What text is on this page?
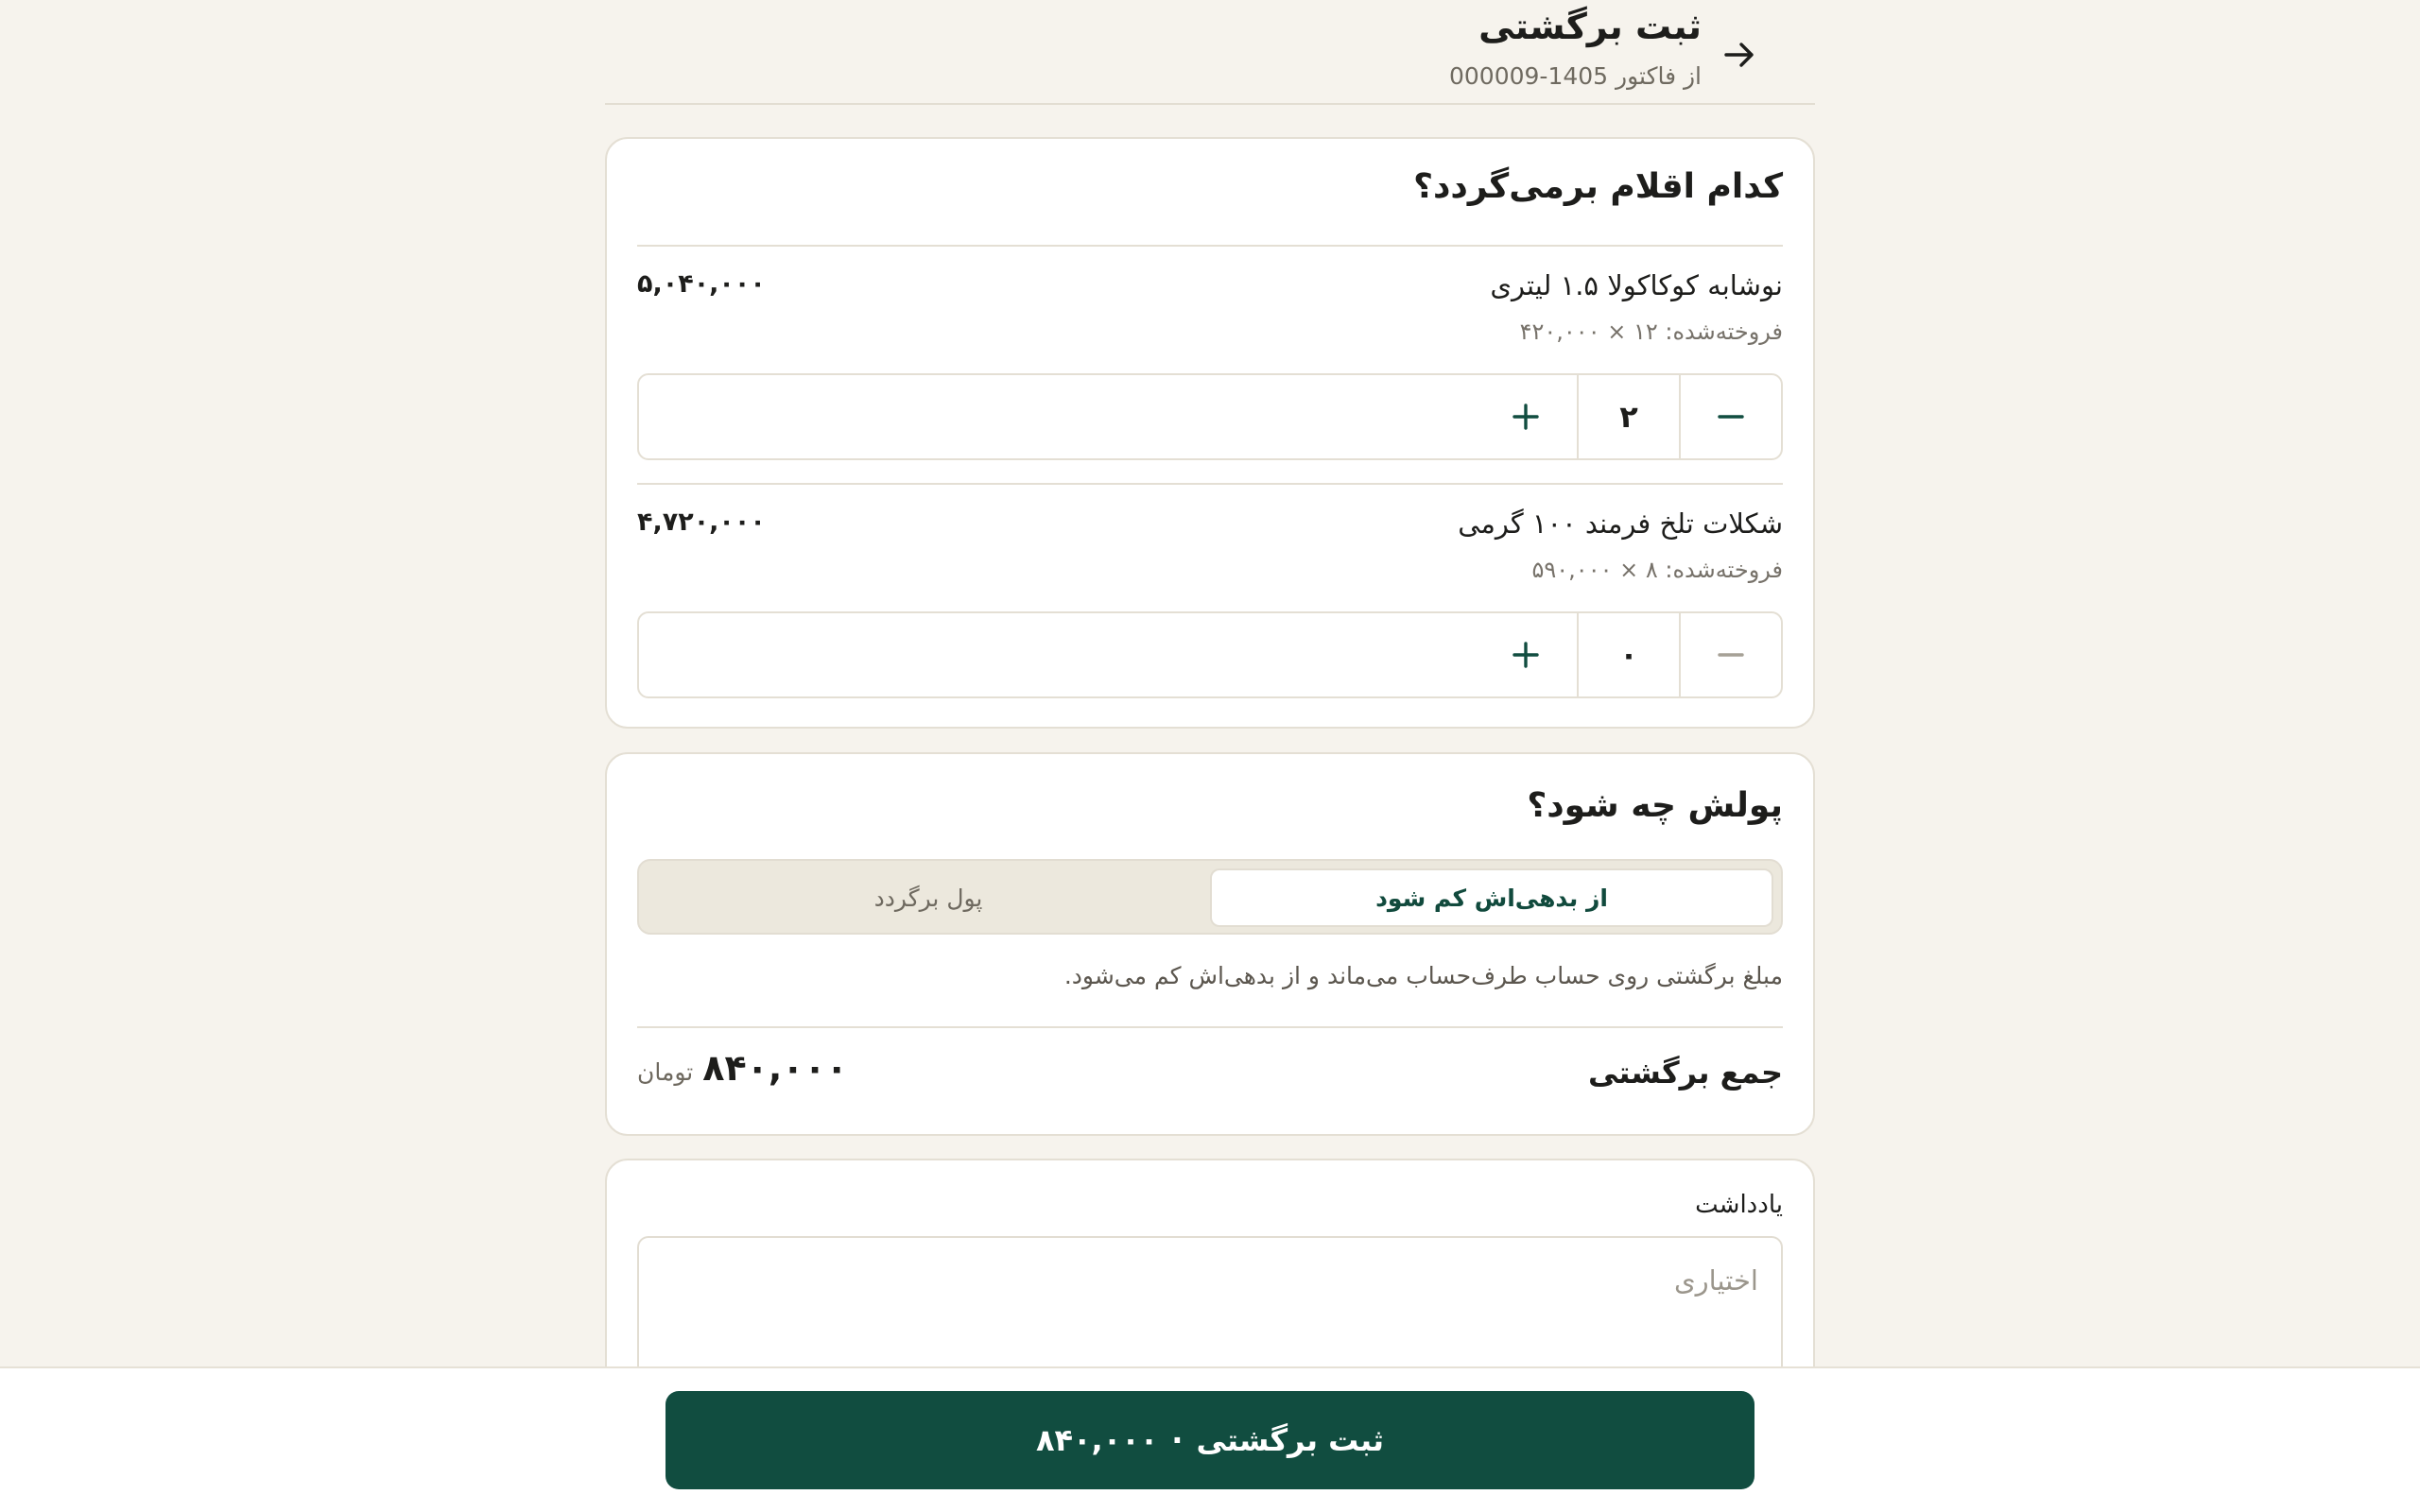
ثبت برگشتی
از فاکتور 1405-000009
کدام اقلام برمی‌گردد؟
نوشابه کوکاکولا ۱.۵ لیتری
۵,۰۴۰,۰۰۰
فروخته‌شده: ۱۲ × ۴۲۰,۰۰۰
۲
شکلات تلخ فرمند ۱۰۰ گرمی
۴,۷۲۰,۰۰۰
فروخته‌شده: ۸ × ۵۹۰,۰۰۰
۰
پولش چه شود؟
از بدهی‌اش کم شود
پول برگردد
مبلغ برگشتی روی حساب طرف‌حساب می‌ماند و از بدهی‌اش کم می‌شود.
جمع برگشتی
تومان ۸۴۰,۰۰۰
یادداشت
اختیاری
ثبت برگشتی
·
۸۴۰,۰۰۰
